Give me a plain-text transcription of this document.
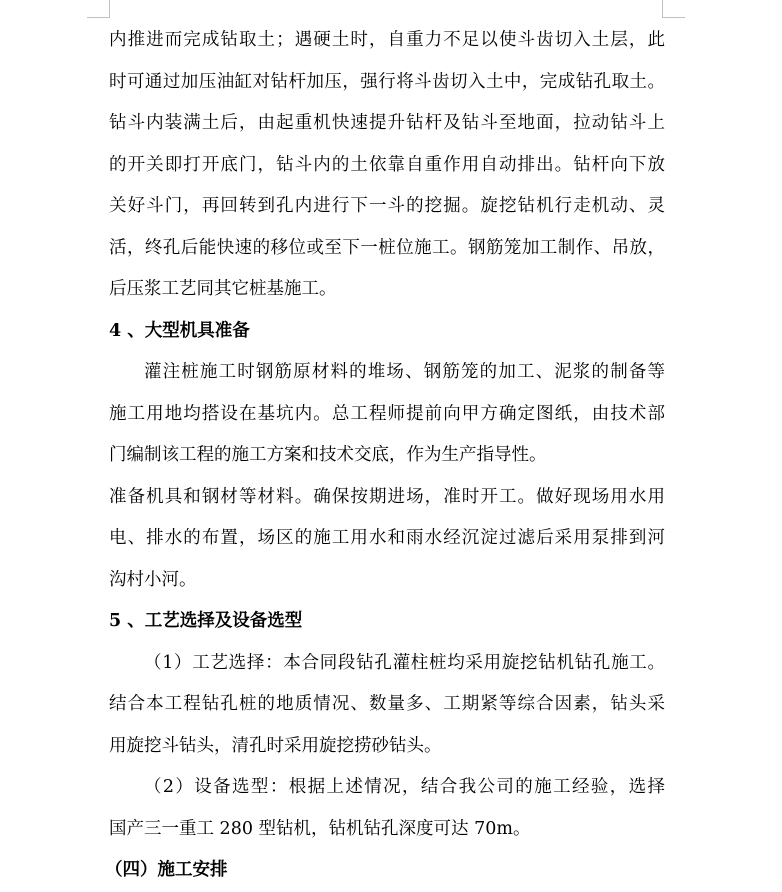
内推进而完成钻取土；遇硬土时，自重力不足以使斗齿切入土层，此
时可通过加压油缸对钻杆加压，强行将斗齿切入土中，完成钻孔取土。
钻斗内装满土后，由起重机快速提升钻杆及钻斗至地面，拉动钻斗上
的开关即打开底门，钻斗内的土依靠自重作用自动排出。钻杆向下放
关好斗门，再回转到孔内进行下一斗的挖掘。旋挖钻机行走机动、灵
活，终孔后能快速的移位或至下一桩位施工。钢筋笼加工制作、吊放，
后压浆工艺同其它桩基施工。
4 、大型机具准备
灌注桩施工时钢筋原材料的堆场、钢筋笼的加工、泥浆的制备等
施工用地均搭设在基坑内。总工程师提前向甲方确定图纸，由技术部
门编制该工程的施工方案和技术交底，作为生产指导性。
准备机具和钢材等材料。确保按期进场，准时开工。做好现场用水用
电、排水的布置，场区的施工用水和雨水经沉淀过滤后采用泵排到河
沟村小河。
5 、工艺选择及设备选型
（1）工艺选择：本合同段钻孔灌柱桩均采用旋挖钻机钻孔施工。
结合本工程钻孔桩的地质情况、数量多、工期紧等综合因素，钻头采
用旋挖斗钻头，清孔时采用旋挖捞砂钻头。
（2）设备选型：根据上述情况，结合我公司的施工经验，选择
国产三一重工 280 型钻机，钻机钻孔深度可达 70m。
（四）施工安排
